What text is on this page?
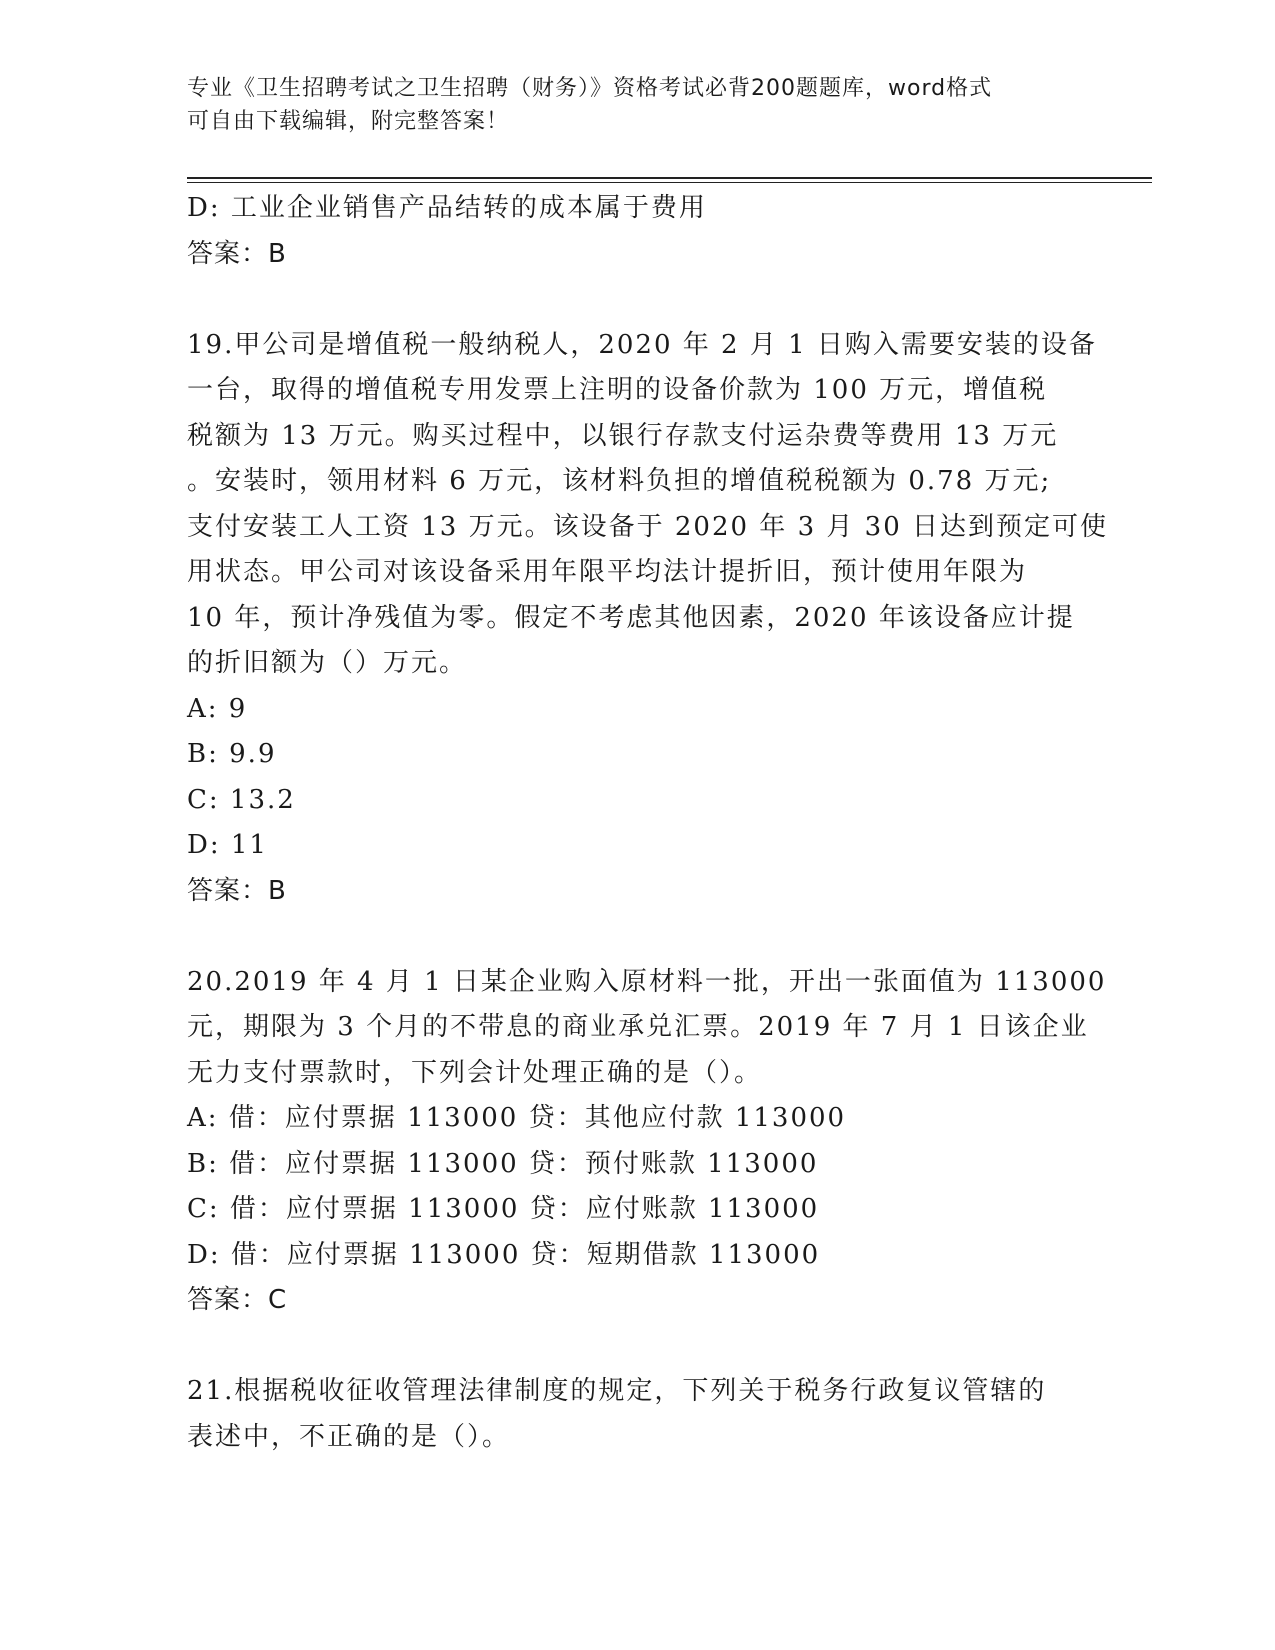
专业《卫生招聘考试之卫生招聘（财务）》资格考试必背200题题库，word格式
可自由下载编辑，附完整答案！
D: 工业企业销售产品结转的成本属于费用
答案：B
19.甲公司是增值税一般纳税人，2020 年 2 月 1 日购入需要安装的设备
一台，取得的增值税专用发票上注明的设备价款为 100 万元，增值税
税额为 13 万元。购买过程中，以银行存款支付运杂费等费用 13 万元
。安装时，领用材料 6 万元，该材料负担的增值税税额为 0.78 万元;
支付安装工人工资 13 万元。该设备于 2020 年 3 月 30 日达到预定可使
用状态。甲公司对该设备采用年限平均法计提折旧，预计使用年限为
10 年，预计净残值为零。假定不考虑其他因素，2020 年该设备应计提
的折旧额为（）万元。
A: 9
B: 9.9
C: 13.2
D: 11
答案：B
20.2019 年 4 月 1 日某企业购入原材料一批，开出一张面值为 113000
元，期限为 3 个月的不带息的商业承兑汇票。2019 年 7 月 1 日该企业
无力支付票款时，下列会计处理正确的是（）。
A: 借：应付票据 113000 贷：其他应付款 113000
B: 借：应付票据 113000 贷：预付账款 113000
C: 借：应付票据 113000 贷：应付账款 113000
D: 借：应付票据 113000 贷：短期借款 113000
答案：C
21.根据税收征收管理法律制度的规定，下列关于税务行政复议管辖的
表述中，不正确的是（）。
